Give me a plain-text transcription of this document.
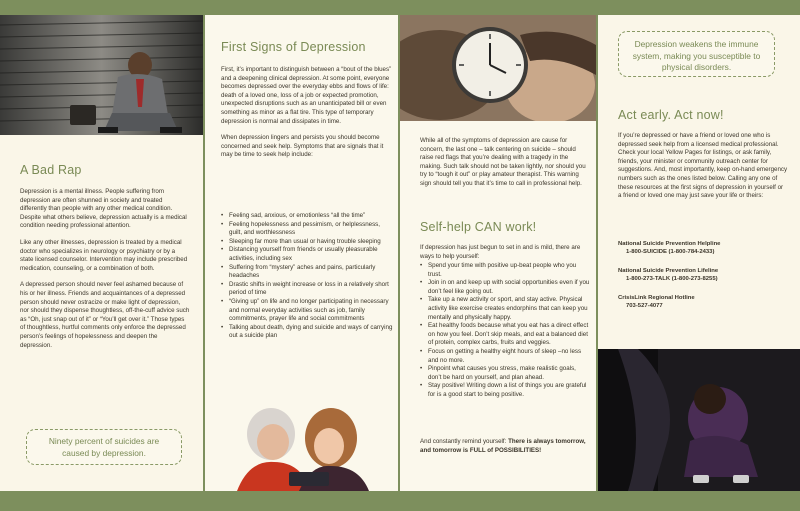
A Bad Rap

Depression is a mental illness. People suffering from depression are often shunned in society and treated differently than people with any other medical condition. Despite what others believe, depression actually is a medical condition needing professional attention.

Like any other illnesses, depression is treated by a medical doctor who specializes in neurology or psychiatry or by a state licensed counselor. Intervention may include prescribed medication, counseling, or a combination of both.

A depressed person should never feel ashamed because of his or her illness. Friends and acquaintances of a depressed person should never ostracize or make light of depression, nor should they dispense thoughtless, off-the-cuff advice such as “Oh, just snap out of it” or “You’ll get over it.” Those types of thoughtless, hurtful comments only enforce the depressed person’s feelings of hopelessness and deepen the depression.

Ninety percent of suicides are caused by depression.
First Signs of Depression

First, it’s important to distinguish between a “bout of the blues” and a deepening clinical depression. At some point, everyone becomes depressed over the everyday ebbs and flows of life: death of a loved one, loss of a job or expected promotion, unexpected disruptions such as an unanticipated bill or even something as minor as a flat tire. This type of temporary depression is normal and dissipates in time.

When depression lingers and persists you should become concerned and seek help. Symptoms that are signals that it may be time to seek help include:

• Feeling sad, anxious, or emotionless “all the time”
• Feeling hopelessness and pessimism, or helplessness, guilt, and worthlessness
• Sleeping far more than usual or having trouble sleeping
• Distancing yourself from friends or usually pleasurable activities, including sex
• Suffering from “mystery” aches and pains, particularly headaches
• Drastic shifts in weight increase or loss in a relatively short period of time
• “Giving up” on life and no longer participating in necessary and normal everyday activities such as job, family commitments, prayer life and social commitments
• Talking about death, dying and suicide and ways of carrying out a suicide plan
While all of the symptoms of depression are cause for concern, the last one – talk centering on suicide – should raise red flags that you’re dealing with a tragedy in the making. Such talk should not be taken lightly, nor should you try to “tough it out” or play amateur therapist. This warning sign should tell you that it’s time to call in professional help.
Self-help CAN work!
If depression has just begun to set in and is mild, there are ways to help yourself:
• Spend your time with positive up-beat people who you trust.
• Join in on and keep up with social opportunities even if you don’t feel like going out.
• Take up a new activity or sport, and stay active. Physical activity like exercise creates endorphins that can keep you mentally and physically happy.
• Eat healthy foods because what you eat has a direct effect on how you feel. Don’t skip meals, and eat a balanced diet of protein, complex carbs, fruits and veggies.
• Focus on getting a healthy eight hours of sleep –no less and no more.
• Pinpoint what causes you stress, make realistic goals, don’t be hard on yourself, and plan ahead.
• Stay positive! Writing down a list of things you are grateful for is a good start to being positive.
And constantly remind yourself: There is always tomorrow, and tomorrow is FULL of POSSIBILITIES!
Depression weakens the immune system, making you susceptible to physical disorders.
Act early. Act now!
If you’re depressed or have a friend or loved one who is depressed seek help from a licensed medical professional. Check your local Yellow Pages for listings, or ask family, friends, your minister or community outreach center for suggestions. And, most importantly, keep on-hand emergency numbers such as the ones listed below. Calling any one of these resources at the first signs of depression in yourself or a friend or loved one may just save your life or theirs:
National Suicide Prevention Helpline
1-800-SUICIDE (1-800-784-2433)
National Suicide Prevention Lifeline
1-800-273-TALK (1-800-273-8255)
CrisisLink Regional Hotline
703-527-4077
